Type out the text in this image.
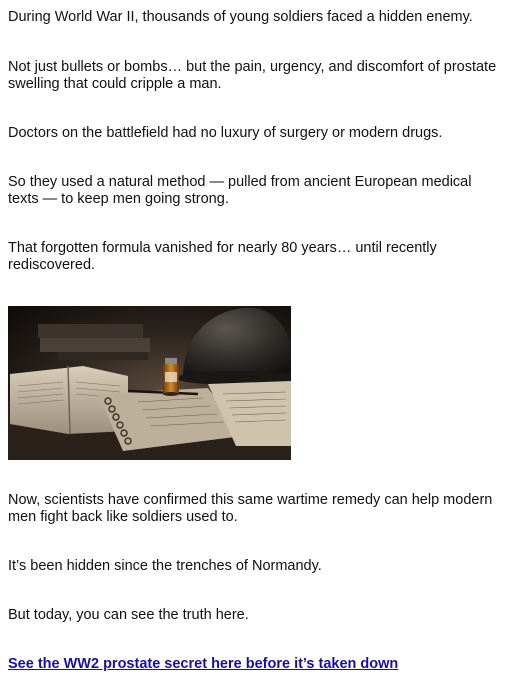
During World War II, thousands of young soldiers faced a hidden enemy.

Not just bullets or bombs… but the pain, urgency, and discomfort of prostate swelling that could cripple a man.

Doctors on the battlefield had no luxury of surgery or modern drugs.

So they used a natural method — pulled from ancient European medical texts — to keep men going strong.

That forgotten formula vanished for nearly 80 years… until recently rediscovered.

Now, scientists have confirmed this same wartime remedy can help modern men fight back like soldiers used to.

It’s been hidden since the trenches of Normandy.

But today, you can see the truth here.

See the WW2 prostate secret here before it’s taken down
